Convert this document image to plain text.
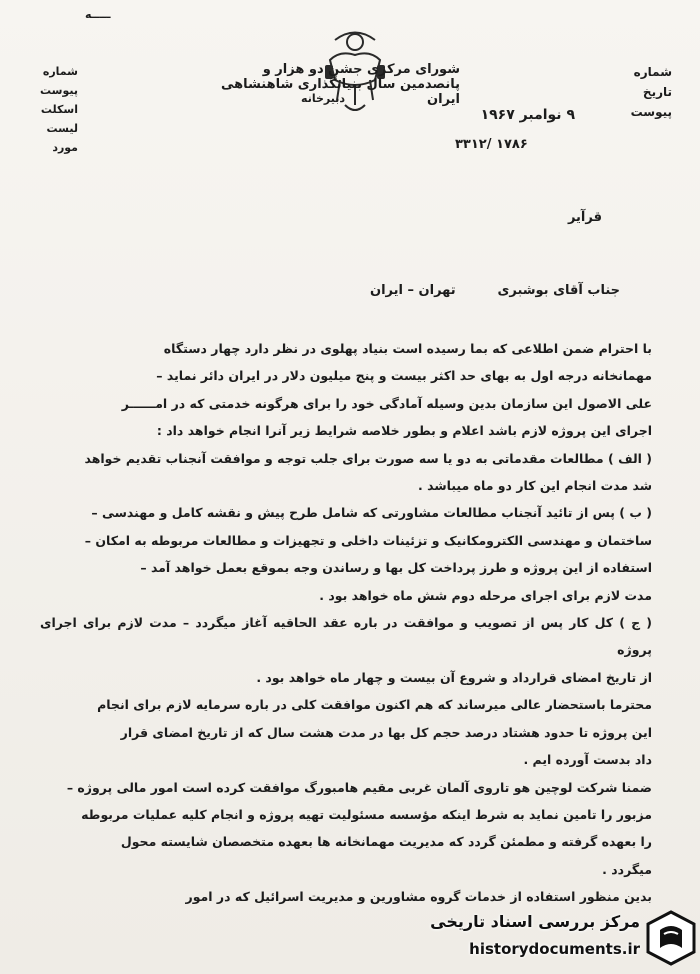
ـــــه
شماره پیوست
اسکلت لیست
مورد
شورای مرکزی جشن دو هزار و پانصدمین سال بنیانگذاری شاهنشاهی ایران
دبیرخانه
شماره
تاریخ
پیوست
۹ نوامبر ۱۹۶۷
۳۳۱۲/ ۱۷۸۶
قرآیر
جناب آقای بوشبری
تهران – ایران

با احترام ضمن اطلاعی که بما رسیده است بنیاد پهلوی در نظر دارد چهار دستگاه

مهمانخانه درجه اول به بهای حد اکثر بیست و پنج میلیون دلار در ایران دائر نماید –

علی الاصول این سازمان بدین وسیله آمادگی خود را برای هرگونه خدمتی که در امــــــر

اجرای این پروژه لازم باشد اعلام و بطور خلاصه شرایط زیر آنرا انجام خواهد داد :

( الف ) مطالعات مقدماتی به دو یا سه صورت برای جلب توجه و موافقت آنجناب تقدیم خواهد

شد مدت انجام این کار دو ماه میباشد .

( ب ) پس از تائید آنجناب مطالعات مشاورتی که شامل طرح پیش و نقشه کامل و مهندسی –

ساختمان و مهندسی الکترومکانیک و تزئینات داخلی و تجهیزات و مطالعات مربوطه به امکان –

استفاده از این پروژه و طرز پرداخت کل بها و رساندن وجه بموقع بعمل خواهد آمد –

مدت لازم برای اجرای مرحله دوم شش ماه خواهد بود .

( ج ) کل کار پس از تصویب و موافقت در باره عقد الحاقیه آغاز میگردد – مدت لازم برای اجرای پروژه

از تاریخ امضای قرارداد و شروع آن بیست و چهار ماه خواهد بود .

محترما باستحضار عالی میرساند که هم اکنون موافقت کلی در باره سرمایه لازم برای انجام

این پروژه تا حدود هشتاد درصد حجم کل بها در مدت هشت سال که از تاریخ امضای قرار

داد بدست آورده ایم .

ضمنا شرکت لوچین هو تاروی آلمان غربی مقیم هامبورگ موافقت کرده است امور مالی پروژه –

مزبور را تامین نماید به شرط اینکه مؤسسه مسئولیت تهیه پروژه و انجام کلیه عملیات مربوطه

را بعهده گرفته و مطمئن گردد که مدیریت مهمانخانه ها بعهده متخصصان شایسته محول

میگردد .

بدین منظور استفاده از خدمات گروه مشاورین و مدیریت اسرائیل که در امور

مرکز بررسی اسناد تاریخی
historydocuments.ir
